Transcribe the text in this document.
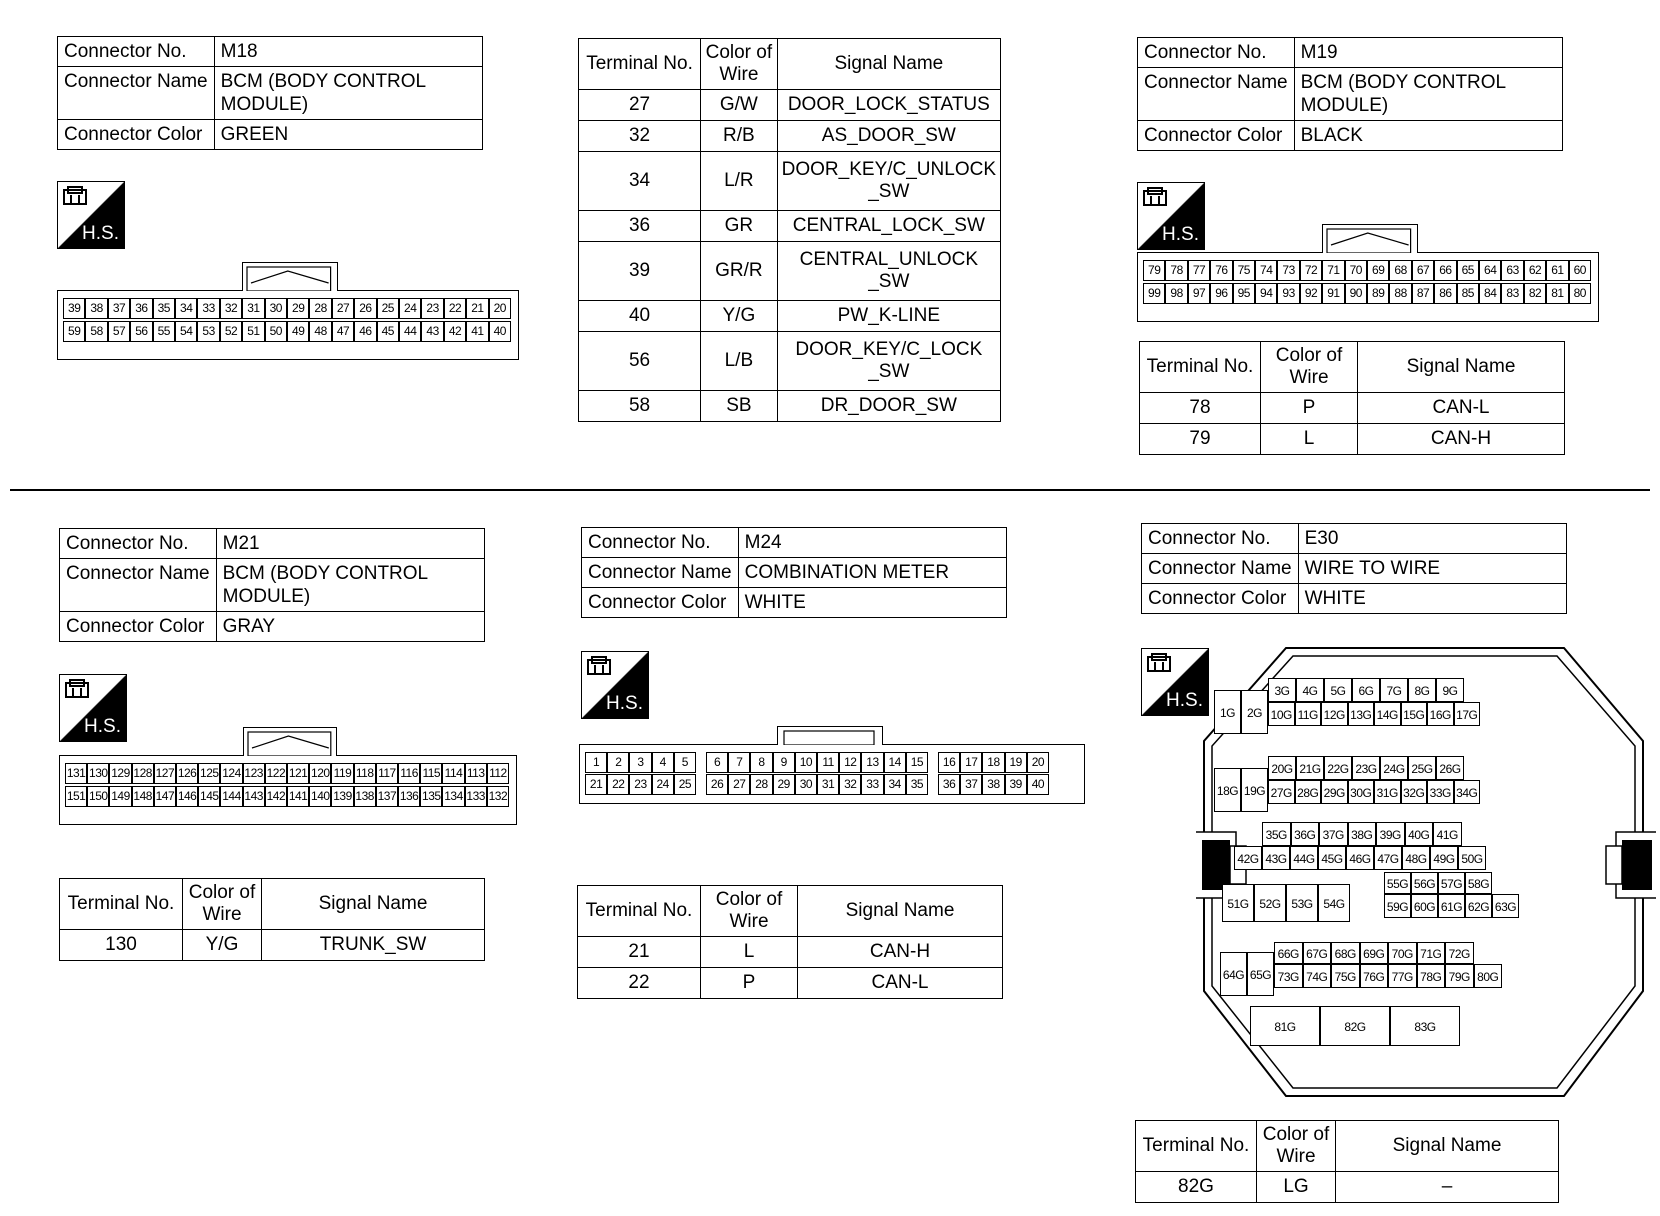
Connector No.	M18
Connector Name	BCM (BODY CONTROL MODULE)
Connector Color	GREEN
H.S.
39 38 37 36 35 34 33 32 31 30 29 28 27 26 25 24 23 22 21 20
59 58 57 56 55 54 53 52 51 50 49 48 47 46 45 44 43 42 41 40
Terminal No.	Color of Wire	Signal Name
27	G/W	DOOR_LOCK_STATUS
32	R/B	AS_DOOR_SW
34	L/R	DOOR_KEY/C_UNLOCK _SW
36	GR	CENTRAL_LOCK_SW
39	GR/R	CENTRAL_UNLOCK _SW
40	Y/G	PW_K-LINE
56	L/B	DOOR_KEY/C_LOCK _SW
58	SB	DR_DOOR_SW
Connector No.	M19
Connector Name	BCM (BODY CONTROL MODULE)
Connector Color	BLACK
H.S.
79 78 77 76 75 74 73 72 71 70 69 68 67 66 65 64 63 62 61 60
99 98 97 96 95 94 93 92 91 90 89 88 87 86 85 84 83 82 81 80
Terminal No.	Color of Wire	Signal Name
78	P	CAN-L
79	L	CAN-H
Connector No.	M21
Connector Name	BCM (BODY CONTROL MODULE)
Connector Color	GRAY
H.S.
131 130 129 128 127 126 125 124 123 122 121 120 119 118 117 116 115 114 113 112
151 150 149 148 147 146 145 144 143 142 141 140 139 138 137 136 135 134 133 132
Terminal No.	Color of Wire	Signal Name
130	Y/G	TRUNK_SW
Connector No.	M24
Connector Name	COMBINATION METER
Connector Color	WHITE
H.S.
1	2	3	4	5	6	7	8	9	10 11 12 13 14 15	16 17 18 19 20
21 22 23 24 25	26 27 28 29 30 31 32 33 34 35	36 37 38 39 40
Terminal No.	Color of Wire	Signal Name
21	L	CAN-H
22	P	CAN-L
Connector No.	E30
Connector Name	WIRE TO WIRE
Connector Color	WHITE
H.S.
1G 2G
3G	4G	5G	6G	7G	8G	9G
10G 11G 12G 13G 14G 15G 16G 17G
18G 19G
20G 21G 22G 23G 24G 25G 26G
27G 28G 29G 30G 31G 32G 33G 34G
35G 36G 37G 38G 39G 40G 41G
42G 43G 44G 45G 46G 47G 48G 49G 50G
51G 52G 53G 54G
55G 56G 57G 58G
59G 60G 61G 62G 63G
64G 65G
66G 67G 68G 69G 70G 71G 72G
73G 74G 75G 76G 77G 78G 79G 80G
81G	82G	83G
Terminal No.	Color of Wire	Signal Name
82G	LG	–
